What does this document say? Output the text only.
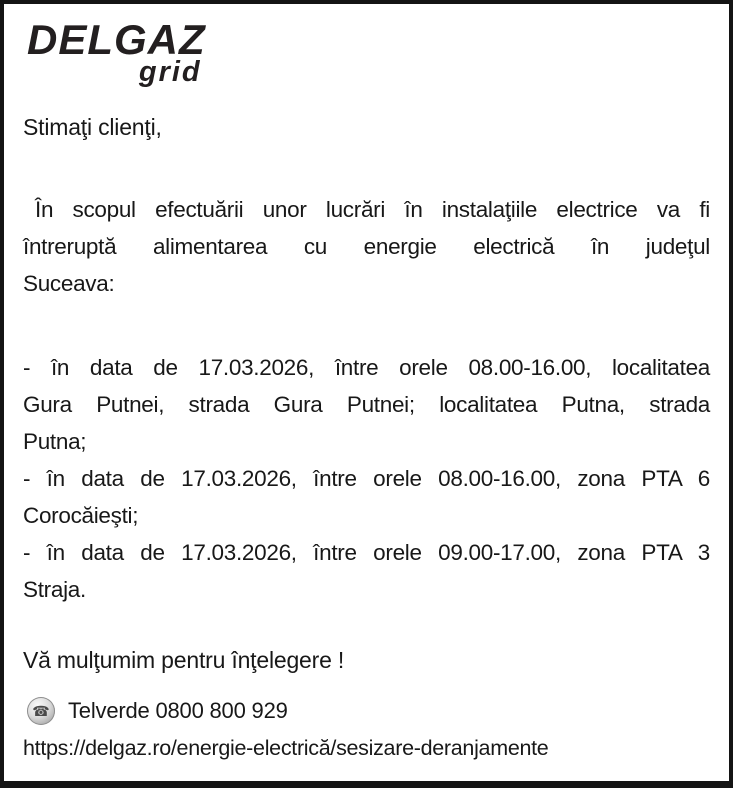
DELGAZ
grid
Stimaţi clienţi,
În scopul efectuării unor lucrări în instalaţiile electrice va fi
întreruptă alimentarea cu energie electrică în judeţul
Suceava:
- în data de 17.03.2026, între orele 08.00-16.00, localitatea
Gura Putnei, strada Gura Putnei; localitatea Putna, strada
Putna;
- în data de 17.03.2026, între orele 08.00-16.00, zona PTA 6
Corocăieşti;
- în data de 17.03.2026, între orele 09.00-17.00, zona PTA 3
Straja.
Vă mulţumim pentru înţelegere !
☎ Telverde 0800 800 929
https://delgaz.ro/energie-electrică/sesizare-deranjamente
